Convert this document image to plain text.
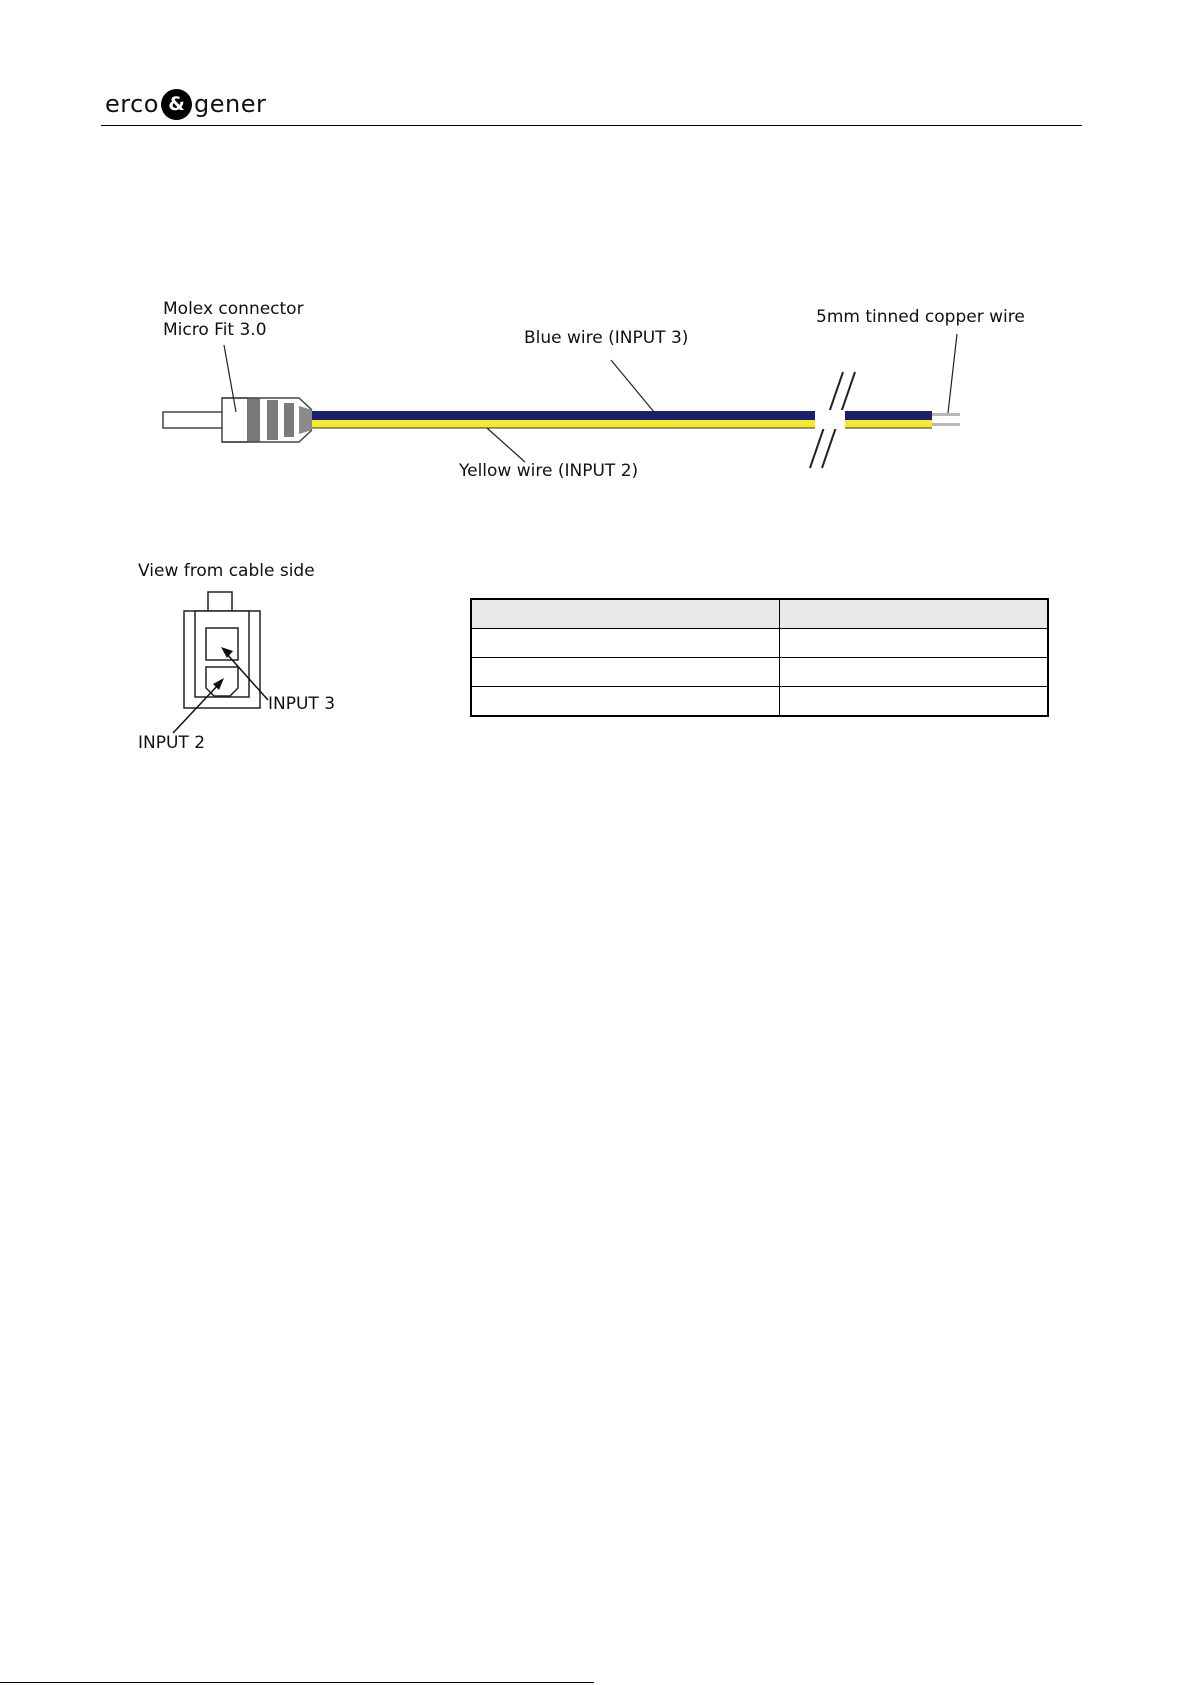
erco & gener
Molex connector
Micro Fit 3.0	Blue wire (INPUT 3)
Yellow wire (INPUT 2)
5mm tinned copper wire
View from cable side
INPUT 3
INPUT 2
